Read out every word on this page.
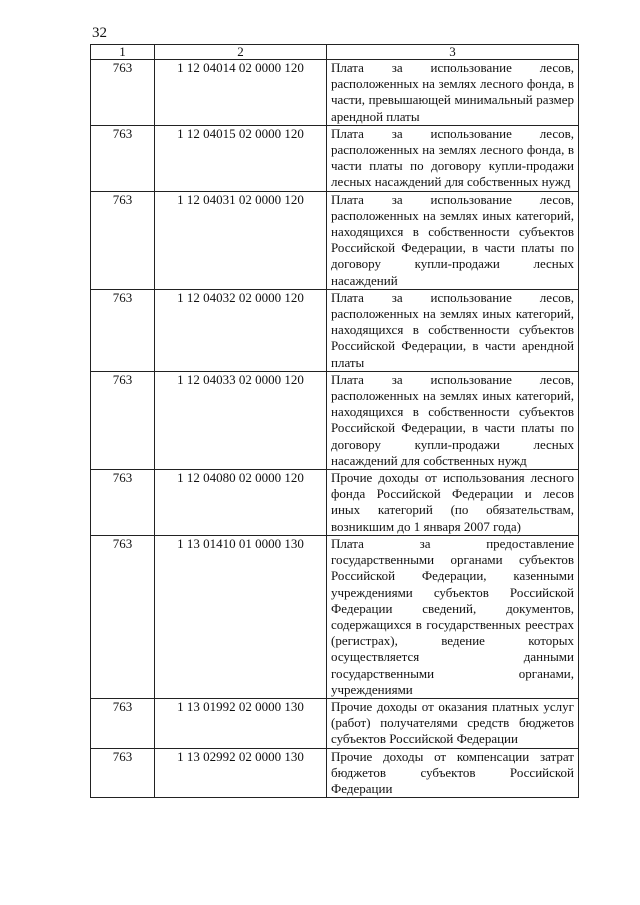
32
1	2	3
763	1 12 04014 02 0000 120	Плата за использование лесов, расположенных на землях лесного фонда, в части, превышающей минимальный размер арендной платы
763	1 12 04015 02 0000 120	Плата за использование лесов, расположенных на землях лесного фонда, в части платы по договору купли-продажи лесных насаждений для собственных нужд
763	1 12 04031 02 0000 120	Плата за использование лесов, расположенных на землях иных категорий, находящихся в собственности субъектов Российской Федерации, в части платы по договору купли-продажи лесных насаждений
763	1 12 04032 02 0000 120	Плата за использование лесов, расположенных на землях иных категорий, находящихся в собственности субъектов Российской Федерации, в части арендной платы
763	1 12 04033 02 0000 120	Плата за использование лесов, расположенных на землях иных категорий, находящихся в собственности субъектов Российской Федерации, в части платы по договору купли-продажи лесных насаждений для собственных нужд
763	1 12 04080 02 0000 120	Прочие доходы от использования лесного фонда Российской Федерации и лесов иных категорий (по обязательствам, возникшим до 1 января 2007 года)
763	1 13 01410 01 0000 130	Плата за предоставление государственными органами субъектов Российской Федерации, казенными учреждениями субъектов Российской Федерации сведений, документов, содержащихся в государственных реестрах (регистрах), ведение которых осуществляется данными государственными органами, учреждениями
763	1 13 01992 02 0000 130	Прочие доходы от оказания платных услуг (работ) получателями средств бюджетов субъектов Российской Федерации
763	1 13 02992 02 0000 130	Прочие доходы от компенсации затрат бюджетов субъектов Российской Федерации
